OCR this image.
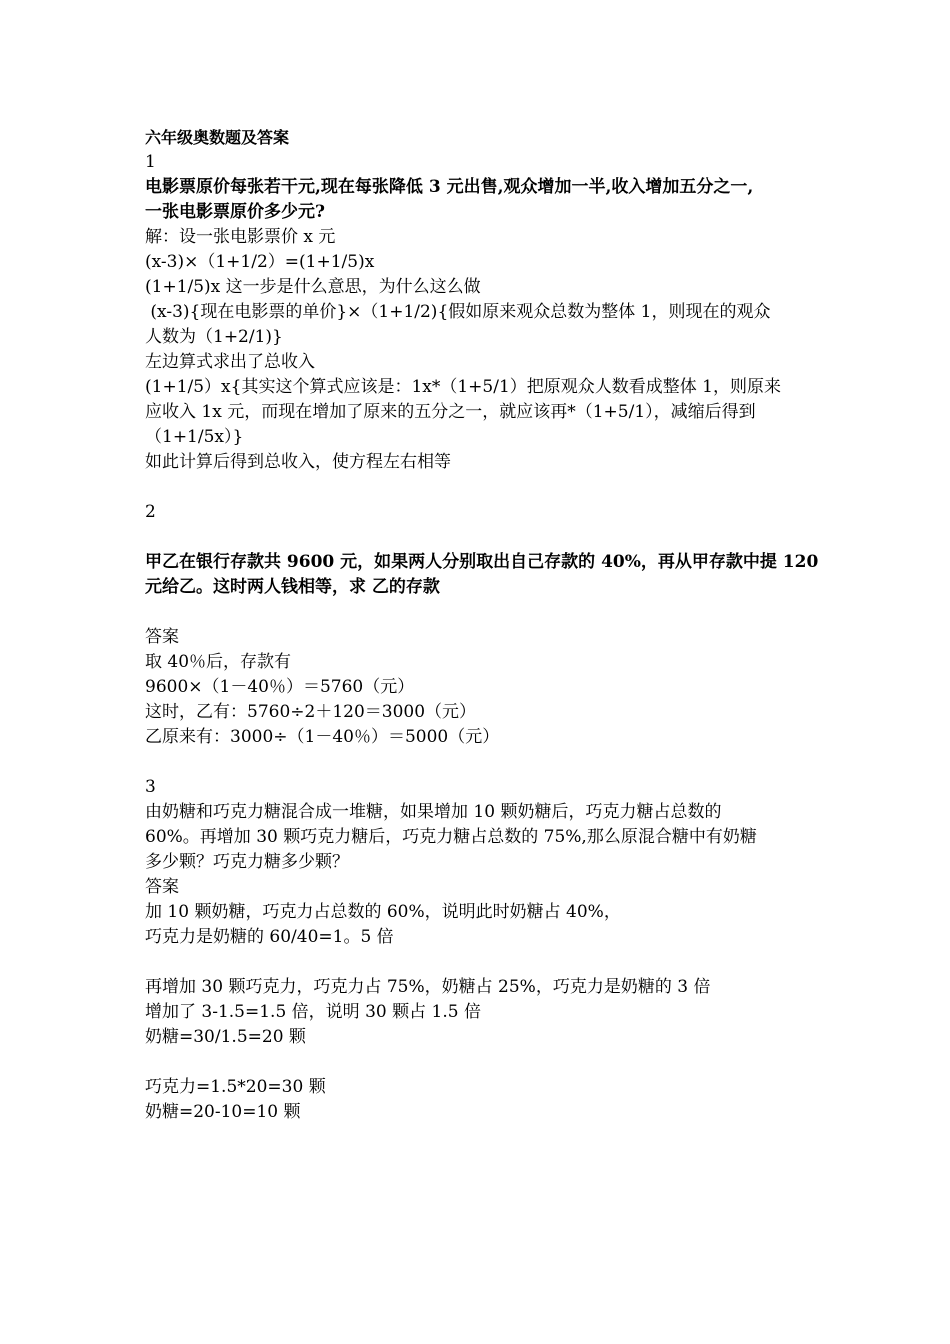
六年级奥数题及答案

1

电影票原价每张若干元,现在每张降低 3 元出售,观众增加一半,收入增加五分之一,

一张电影票原价多少元?

解：设一张电影票价 x 元

(x-3)×（1+1/2）=(1+1/5)x

(1+1/5)x 这一步是什么意思，为什么这么做

(x-3){现在电影票的单价}×（1+1/2){假如原来观众总数为整体 1，则现在的观众

人数为（1+2/1)}

左边算式求出了总收入

(1+1/5）x{其实这个算式应该是：1x*（1+5/1）把原观众人数看成整体 1，则原来

应收入 1x 元，而现在增加了原来的五分之一，就应该再*（1+5/1），减缩后得到

（1+1/5x）}

如此计算后得到总收入，使方程左右相等

2

甲乙在银行存款共 9600 元，如果两人分别取出自己存款的 40%，再从甲存款中提 120

元给乙。这时两人钱相等，求 乙的存款

答案

取 40％后，存款有

9600×（1－40％）＝5760（元）

这时，乙有：5760÷2＋120＝3000（元）

乙原来有：3000÷（1－40％）＝5000（元）

3

由奶糖和巧克力糖混合成一堆糖，如果增加 10 颗奶糖后，巧克力糖占总数的

60%。再增加 30 颗巧克力糖后，巧克力糖占总数的 75%,那么原混合糖中有奶糖

多少颗？巧克力糖多少颗？

答案

加 10 颗奶糖，巧克力占总数的 60%，说明此时奶糖占 40%，

巧克力是奶糖的 60/40=1。5 倍

再增加 30 颗巧克力，巧克力占 75%，奶糖占 25%，巧克力是奶糖的 3 倍

增加了 3-1.5=1.5 倍，说明 30 颗占 1.5 倍

奶糖=30/1.5=20 颗

巧克力=1.5*20=30 颗

奶糖=20-10=10 颗
